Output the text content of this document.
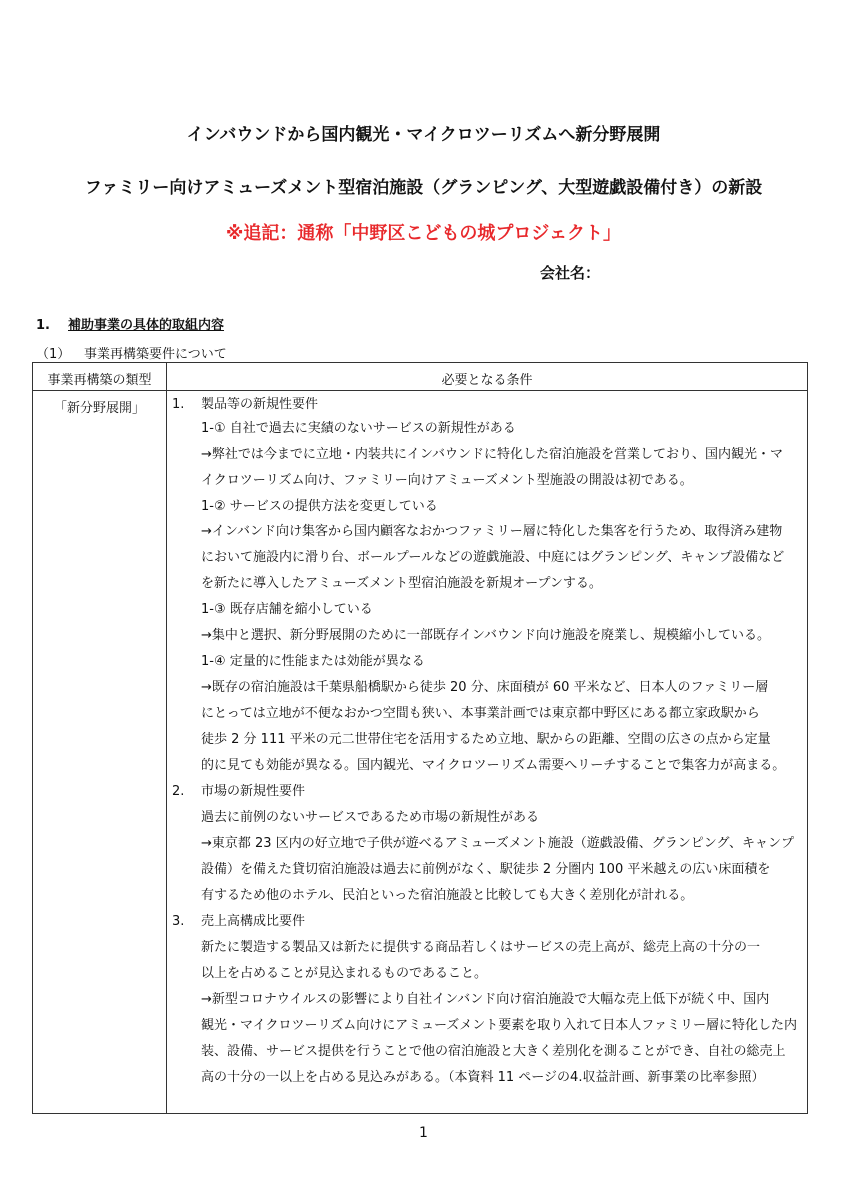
インバウンドから国内観光・マイクロツーリズムへ新分野展開
ファミリー向けアミューズメント型宿泊施設（グランピング、大型遊戯設備付き）の新設
※追記：通称「中野区こどもの城プロジェクト」
会社名：
1. 補助事業の具体的取組内容
（1） 事業再構築要件について
事業再構築の類型	必要となる条件
「新分野展開」	1. 製品等の新規性要件
1-① 自社で過去に実績のないサービスの新規性がある
→弊社では今までに立地・内装共にインバウンドに特化した宿泊施設を営業しており、国内観光・マ
イクロツーリズム向け、ファミリー向けアミューズメント型施設の開設は初である。
1-② サービスの提供方法を変更している
→インバンド向け集客から国内顧客なおかつファミリー層に特化した集客を行うため、取得済み建物
において施設内に滑り台、ボールプールなどの遊戯施設、中庭にはグランピング、キャンプ設備など
を新たに導入したアミューズメント型宿泊施設を新規オープンする。
1-③ 既存店舗を縮小している
→集中と選択、新分野展開のために一部既存インバウンド向け施設を廃業し、規模縮小している。
1-④ 定量的に性能または効能が異なる
→既存の宿泊施設は千葉県船橋駅から徒歩 20 分、床面積が 60 平米など、日本人のファミリー層
にとっては立地が不便なおかつ空間も狭い、本事業計画では東京都中野区にある都立家政駅から
徒歩 2 分 111 平米の元二世帯住宅を活用するため立地、駅からの距離、空間の広さの点から定量
的に見ても効能が異なる。国内観光、マイクロツーリズム需要へリーチすることで集客力が高まる。
2. 市場の新規性要件
過去に前例のないサービスであるため市場の新規性がある
→東京都 23 区内の好立地で子供が遊べるアミューズメント施設（遊戯設備、グランピング、キャンプ
設備）を備えた貸切宿泊施設は過去に前例がなく、駅徒歩 2 分圏内 100 平米越えの広い床面積を
有するため他のホテル、民泊といった宿泊施設と比較しても大きく差別化が計れる。
3. 売上高構成比要件
新たに製造する製品又は新たに提供する商品若しくはサービスの売上高が、総売上高の十分の一
以上を占めることが見込まれるものであること。
→新型コロナウイルスの影響により自社インバンド向け宿泊施設で大幅な売上低下が続く中、国内
観光・マイクロツーリズム向けにアミューズメント要素を取り入れて日本人ファミリー層に特化した内
装、設備、サービス提供を行うことで他の宿泊施設と大きく差別化を測ることができ、自社の総売上
高の十分の一以上を占める見込みがある。（本資料 11 ページの4.収益計画、新事業の比率参照）
1
